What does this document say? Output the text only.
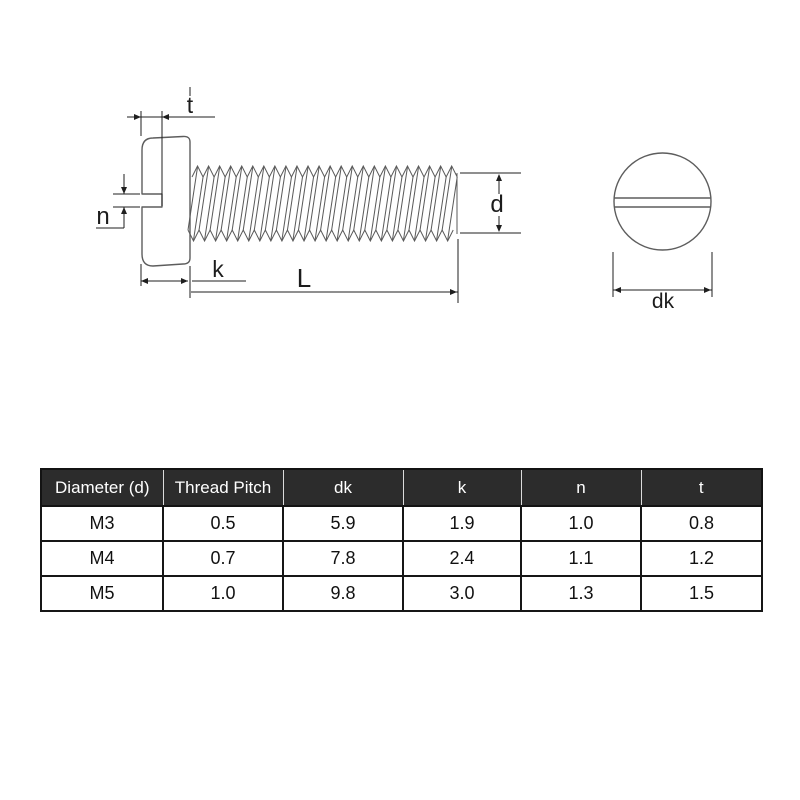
t
n
k	L
d
dk
Diameter (d)	Thread Pitch	dk	k	n	t
M3	0.5	5.9	1.9	1.0	0.8
M4	0.7	7.8	2.4	1.1	1.2
M5	1.0	9.8	3.0	1.3	1.5
